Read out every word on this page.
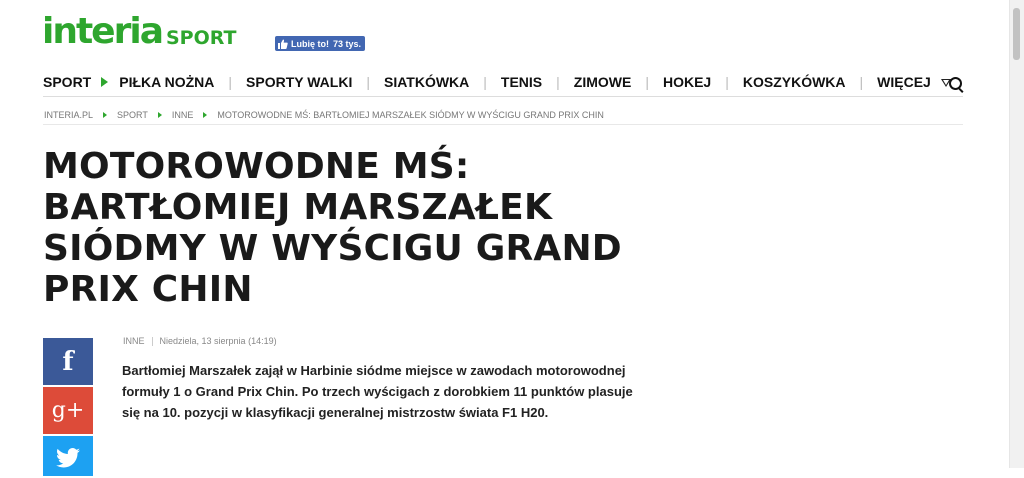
interia SPORT	Lubię to! 73 tys.
SPORT PIŁKA NOŻNA | SPORTY WALKI | SIATKÓWKA | TENIS | ZIMOWE | HOKEJ | KOSZYKÓWKA | WIĘCEJ
INTERIA.PL	SPORT	INNE	MOTOROWODNE MŚ: BARTŁOMIEJ MARSZAŁEK SIÓDMY W WYŚCIGU GRAND PRIX CHIN
MOTOROWODNE MŚ: BARTŁOMIEJ MARSZAŁEK SIÓDMY W WYŚCIGU GRAND PRIX CHIN
INNE Niedziela, 13 sierpnia (14:19)

Bartłomiej Marszałek zajął w Harbinie siódme miejsce w zawodach motorowodnej formuły 1 o Grand Prix Chin. Po trzech wyścigach z dorobkiem 11 punktów plasuje się na 10. pozycji w klasyfikacji generalnej mistrzostw świata F1 H20.

f
g+
